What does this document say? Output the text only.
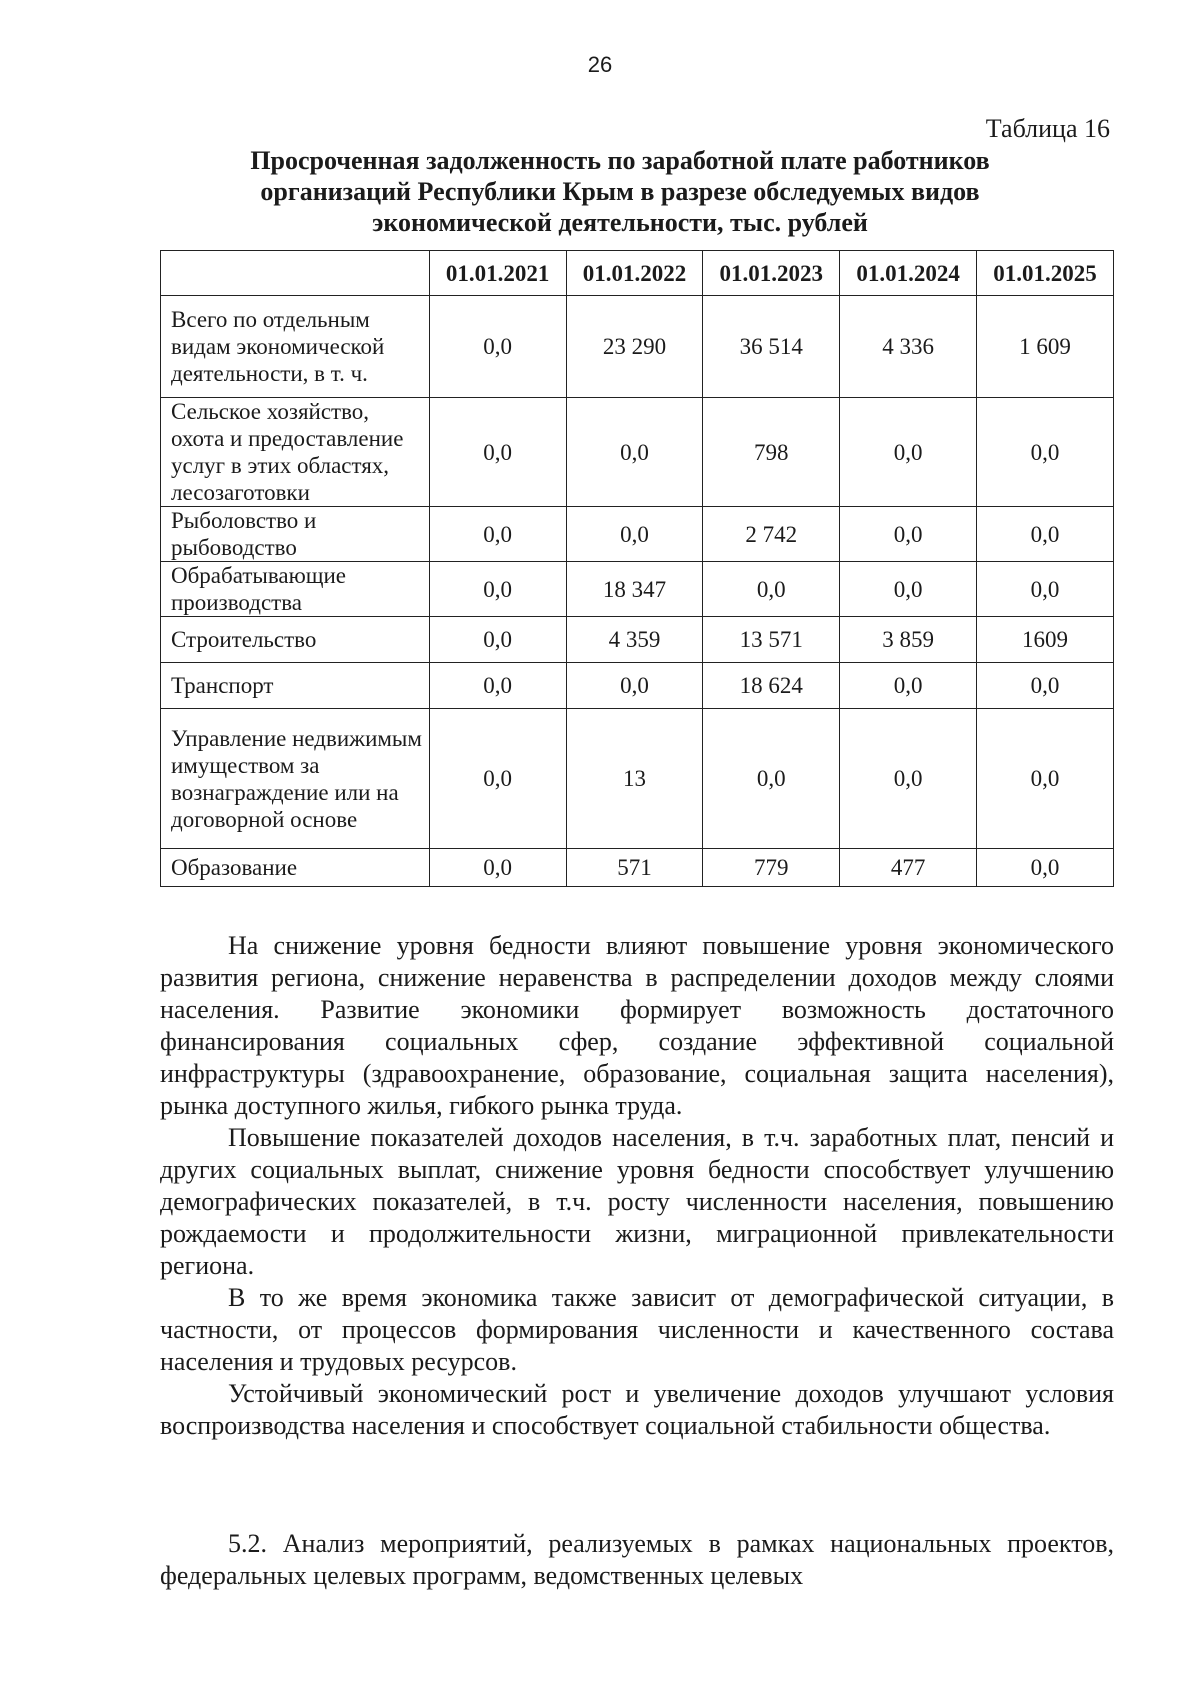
26
Таблица 16
Просроченная задолженность по заработной плате работников
организаций Республики Крым в разрезе обследуемых видов
экономической деятельности, тыс. рублей
	01.01.2021	01.01.2022	01.01.2023	01.01.2024	01.01.2025
Всего по отдельным видам экономической деятельности, в т. ч.	0,0	23 290	36 514	4 336	1 609
Сельское хозяйство, охота и предоставление услуг в этих областях, лесозаготовки	0,0	0,0	798	0,0	0,0
Рыболовство и рыбоводство	0,0	0,0	2 742	0,0	0,0
Обрабатывающие производства	0,0	18 347	0,0	0,0	0,0
Строительство	0,0	4 359	13 571	3 859	1609
Транспорт	0,0	0,0	18 624	0,0	0,0
Управление недвижимым имуществом за вознаграждение или на договорной основе	0,0	13	0,0	0,0	0,0
Образование	0,0	571	779	477	0,0

На снижение уровня бедности влияют повышение уровня экономического развития региона, снижение неравенства в распределении доходов между слоями населения. Развитие экономики формирует возможность достаточного финансирования социальных сфер, создание эффективной социальной инфраструктуры (здравоохранение, образование, социальная защита населения), рынка доступного жилья, гибкого рынка труда.

Повышение показателей доходов населения, в т.ч. заработных плат, пенсий и других социальных выплат, снижение уровня бедности способствует улучшению демографических показателей, в т.ч. росту численности населения, повышению рождаемости и продолжительности жизни, миграционной привлекательности региона.

В то же время экономика также зависит от демографической ситуации, в частности, от процессов формирования численности и качественного состава населения и трудовых ресурсов.

Устойчивый экономический рост и увеличение доходов улучшают условия воспроизводства населения и способствует социальной стабильности общества.

5.2. Анализ мероприятий, реализуемых в рамках национальных проектов, федеральных целевых программ, ведомственных целевых
